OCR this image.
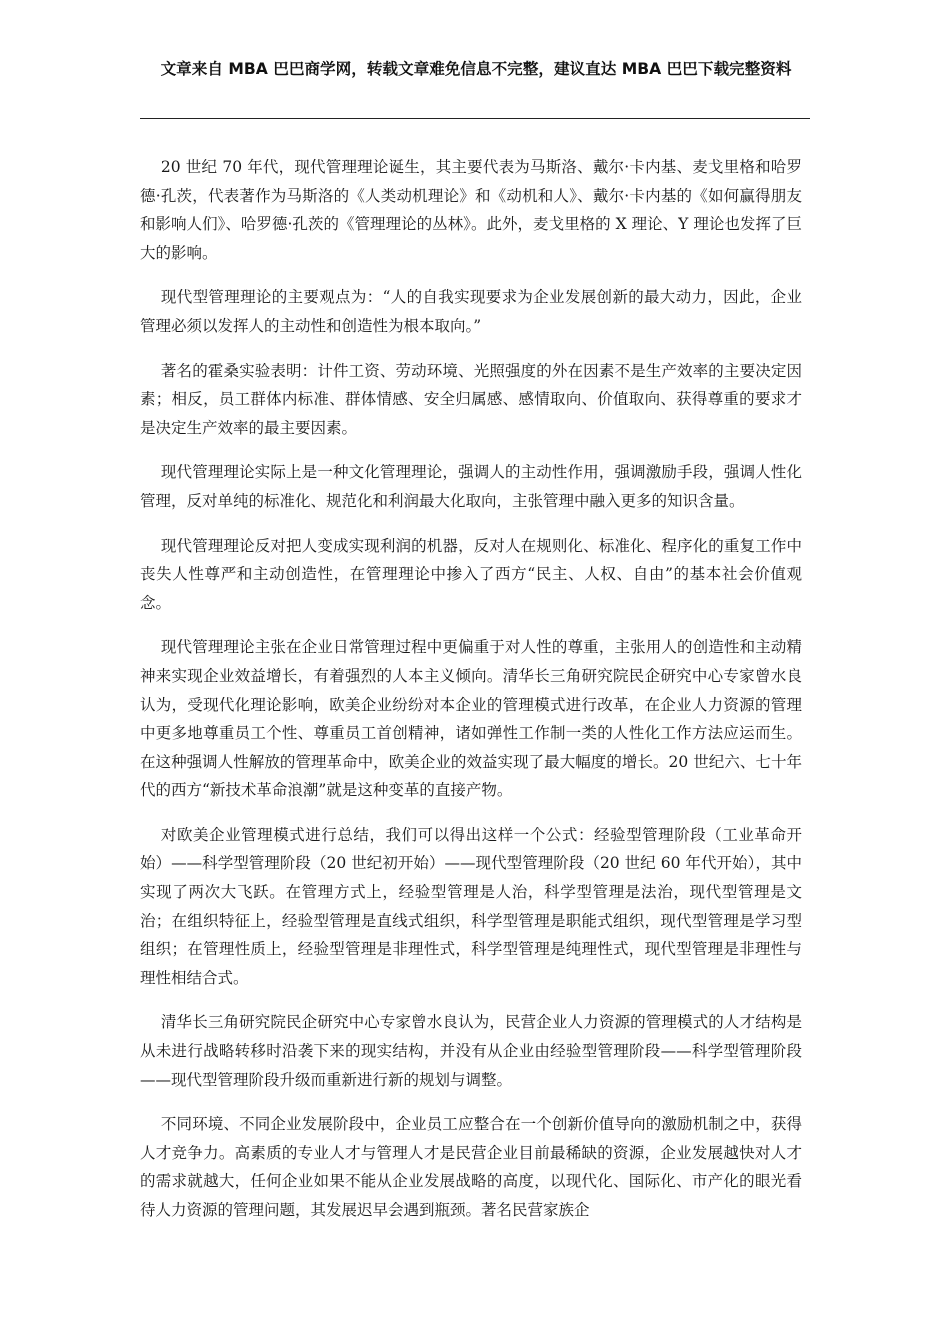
文章来自 MBA 巴巴商学网，转载文章难免信息不完整，建议直达 MBA 巴巴下载完整资料

20 世纪 70 年代，现代管理理论诞生，其主要代表为马斯洛、戴尔·卡内基、麦戈里格和哈罗德·孔茨，代表著作为马斯洛的《人类动机理论》和《动机和人》、戴尔·卡内基的《如何赢得朋友和影响人们》、哈罗德·孔茨的《管理理论的丛林》。此外，麦戈里格的 X 理论、Y 理论也发挥了巨大的影响。

现代型管理理论的主要观点为：“人的自我实现要求为企业发展创新的最大动力，因此，企业管理必须以发挥人的主动性和创造性为根本取向。”

著名的霍桑实验表明：计件工资、劳动环境、光照强度的外在因素不是生产效率的主要决定因素；相反，员工群体内标准、群体情感、安全归属感、感情取向、价值取向、获得尊重的要求才是决定生产效率的最主要因素。

现代管理理论实际上是一种文化管理理论，强调人的主动性作用，强调激励手段，强调人性化管理，反对单纯的标准化、规范化和利润最大化取向，主张管理中融入更多的知识含量。

现代管理理论反对把人变成实现利润的机器，反对人在规则化、标准化、程序化的重复工作中丧失人性尊严和主动创造性，在管理理论中掺入了西方“民主、人权、自由”的基本社会价值观念。

现代管理理论主张在企业日常管理过程中更偏重于对人性的尊重，主张用人的创造性和主动精神来实现企业效益增长，有着强烈的人本主义倾向。清华长三角研究院民企研究中心专家曾水良认为，受现代化理论影响，欧美企业纷纷对本企业的管理模式进行改革，在企业人力资源的管理中更多地尊重员工个性、尊重员工首创精神，诸如弹性工作制一类的人性化工作方法应运而生。在这种强调人性解放的管理革命中，欧美企业的效益实现了最大幅度的增长。20 世纪六、七十年代的西方“新技术革命浪潮”就是这种变革的直接产物。

对欧美企业管理模式进行总结，我们可以得出这样一个公式：经验型管理阶段（工业革命开始）——科学型管理阶段（20 世纪初开始）——现代型管理阶段（20 世纪 60 年代开始），其中实现了两次大飞跃。在管理方式上，经验型管理是人治，科学型管理是法治，现代型管理是文治；在组织特征上，经验型管理是直线式组织，科学型管理是职能式组织，现代型管理是学习型组织；在管理性质上，经验型管理是非理性式，科学型管理是纯理性式，现代型管理是非理性与理性相结合式。

清华长三角研究院民企研究中心专家曾水良认为，民营企业人力资源的管理模式的人才结构是从未进行战略转移时沿袭下来的现实结构，并没有从企业由经验型管理阶段——科学型管理阶段——现代型管理阶段升级而重新进行新的规划与调整。

不同环境、不同企业发展阶段中，企业员工应整合在一个创新价值导向的激励机制之中，获得人才竞争力。高素质的专业人才与管理人才是民营企业目前最稀缺的资源，企业发展越快对人才的需求就越大，任何企业如果不能从企业发展战略的高度，以现代化、国际化、市产化的眼光看待人力资源的管理问题，其发展迟早会遇到瓶颈。著名民营家族企
